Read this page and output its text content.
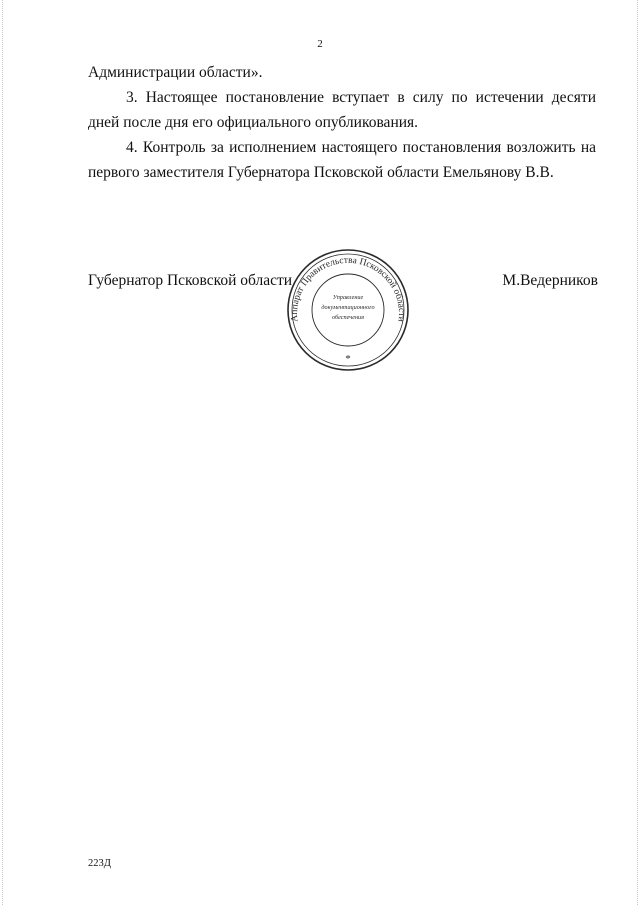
2

Администрации области».

3. Настоящее постановление вступает в силу по истечении десяти дней после дня его официального опубликования.

4. Контроль за исполнением настоящего постановления возложить на первого заместителя Губернатора Псковской области Емельянову В.В.

Губернатор Псковской области	М.Ведерников
Аппарат Правительства Псковской области
Управление
документационного
обеспечения
*
223Д
